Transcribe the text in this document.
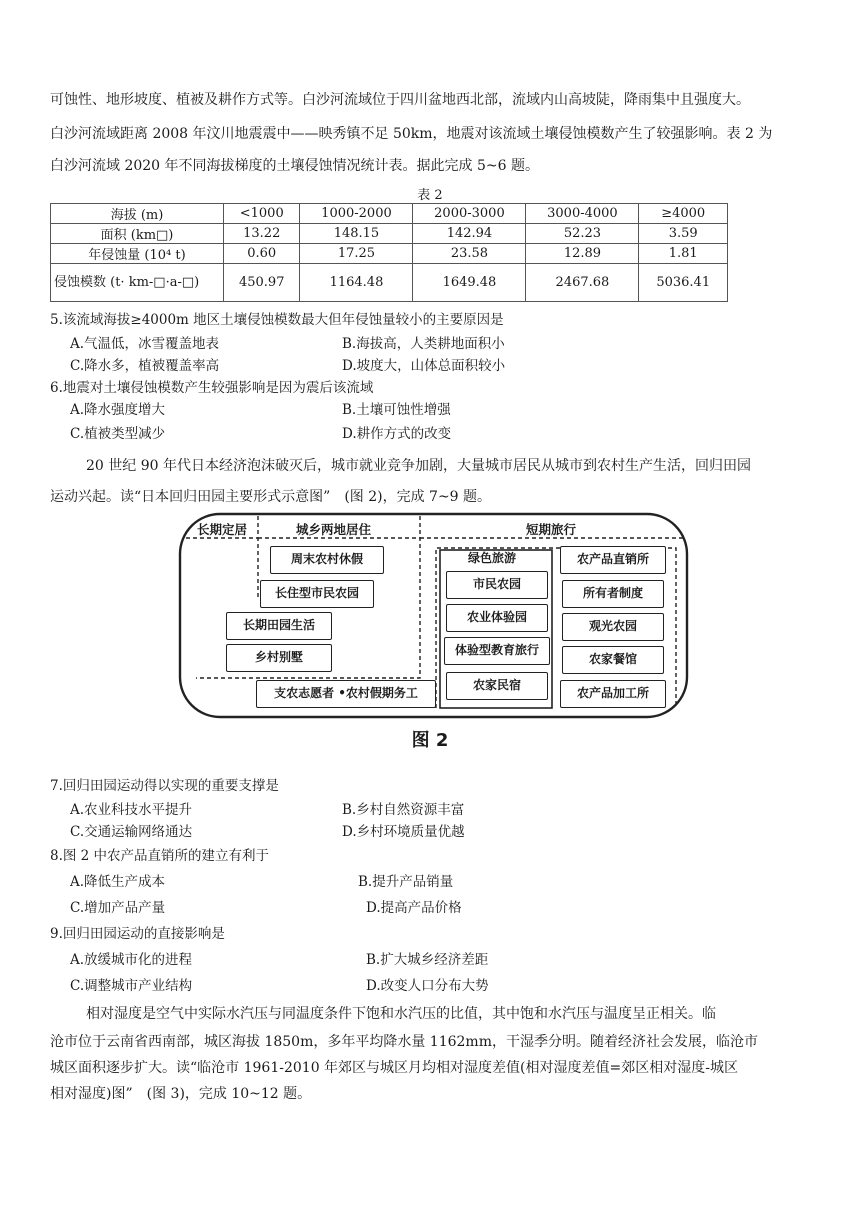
可蚀性、地形坡度、植被及耕作方式等。白沙河流域位于四川盆地西北部，流域内山高坡陡，降雨集中且强度大。
白沙河流域距离 2008 年汶川地震震中——映秀镇不足 50km，地震对该流域土壤侵蚀模数产生了较强影响。表 2 为
白沙河流域 2020 年不同海拔梯度的土壤侵蚀情况统计表。据此完成 5~6 题。
表 2
海拔 (m)	<1000	1000-2000	2000-3000	3000-4000	≥4000
面积 (km□)	13.22	148.15	142.94	52.23	3.59
年侵蚀量 (10⁴ t)	0.60	17.25	23.58	12.89	1.81
侵蚀模数 (t· km-□·a-□)	450.97	1164.48	1649.48	2467.68	5036.41
5.该流域海拔≥4000m 地区土壤侵蚀模数最大但年侵蚀量较小的主要原因是
A.气温低，冰雪覆盖地表	B.海拔高，人类耕地面积小
C.降水多，植被覆盖率高	D.坡度大，山体总面积较小
6.地震对土壤侵蚀模数产生较强影响是因为震后该流域
A.降水强度增大	B.土壤可蚀性增强
C.植被类型减少	D.耕作方式的改变
20 世纪 90 年代日本经济泡沫破灭后，城市就业竞争加剧，大量城市居民从城市到农村生产生活，回归田园
运动兴起。读“日本回归田园主要形式示意图”　(图 2)，完成 7~9 题。
长期定居	城乡两地居住	短期旅行
绿色旅游
周末农村休假
长住型市民农园
长期田园生活
乡村别墅
支农志愿者 •农村假期务工
市民农园
农业体验园
体验型教育旅行
农家民宿
农产品直销所
所有者制度
观光农园
农家餐馆
农产品加工所
图 2
7.回归田园运动得以实现的重要支撑是
A.农业科技水平提升	B.乡村自然资源丰富
C.交通运输网络通达	D.乡村环境质量优越
8.图 2 中农产品直销所的建立有利于
A.降低生产成本	B.提升产品销量
C.增加产品产量	D.提高产品价格
9.回归田园运动的直接影响是
A.放缓城市化的进程	B.扩大城乡经济差距
C.调整城市产业结构	D.改变人口分布大势
相对湿度是空气中实际水汽压与同温度条件下饱和水汽压的比值，其中饱和水汽压与温度呈正相关。临
沧市位于云南省西南部，城区海拔 1850m，多年平均降水量 1162mm，干湿季分明。随着经济社会发展，临沧市
城区面积逐步扩大。读“临沧市 1961-2010 年郊区与城区月均相对湿度差值(相对湿度差值=郊区相对湿度-城区
相对湿度)图”　(图 3)，完成 10~12 题。
